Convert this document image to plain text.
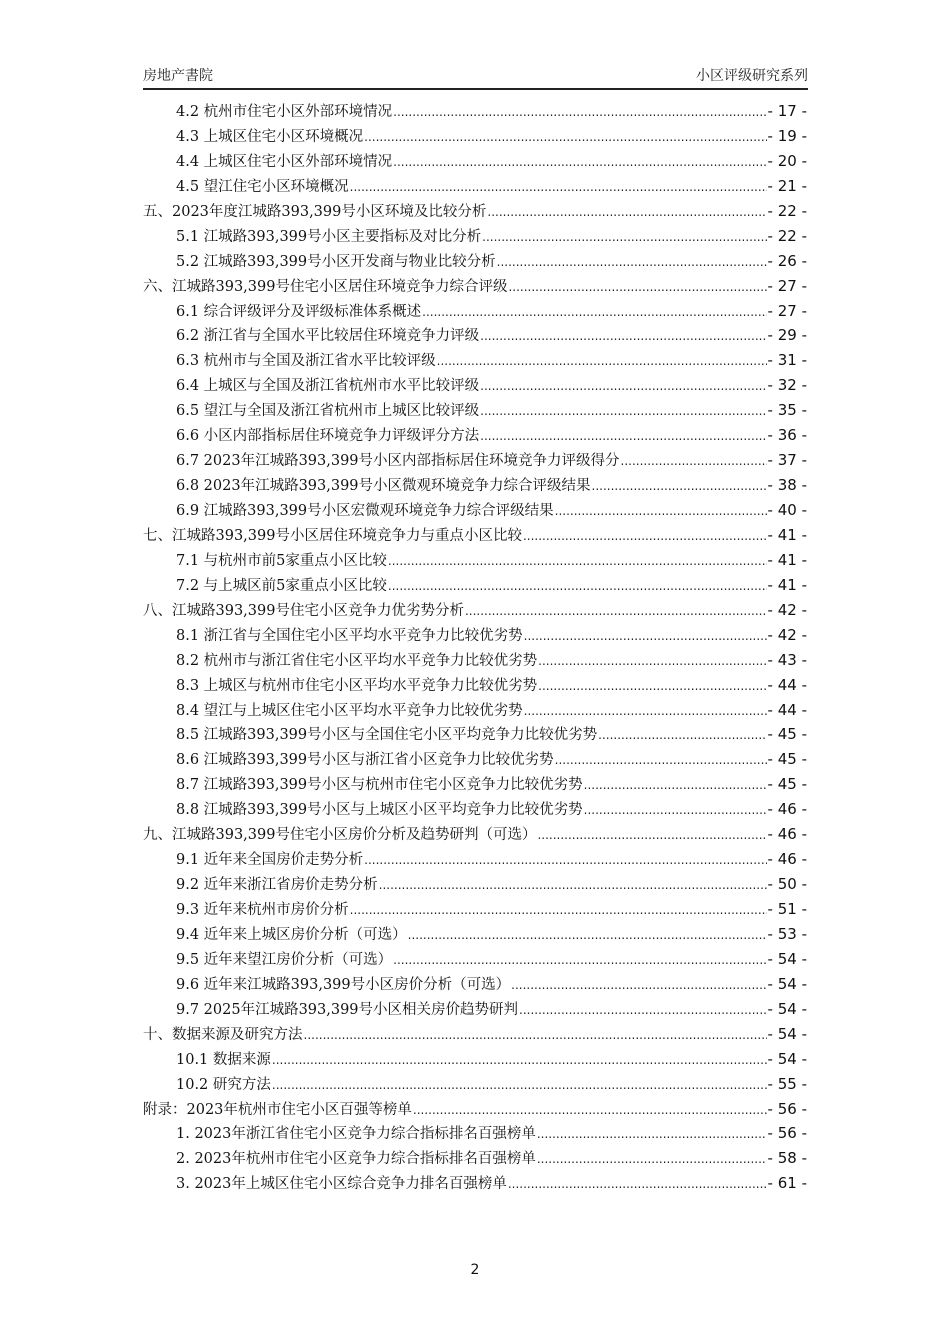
房地产書院	小区评级研究系列
4.2 杭州市住宅小区外部环境情况 .....	- 17 -
4.3 上城区住宅小区环境概况 .....	- 19 -
4.4 上城区住宅小区外部环境情况 .....	- 20 -
4.5 望江住宅小区环境概况 .....	- 21 -
五、2023年度江城路393,399号小区环境及比较分析 .....	- 22 -
5.1 江城路393,399号小区主要指标及对比分析 .....	- 22 -
5.2 江城路393,399号小区开发商与物业比较分析 .....	- 26 -
六、江城路393,399号住宅小区居住环境竞争力综合评级 .....	- 27 -
6.1 综合评级评分及评级标准体系概述 .....	- 27 -
6.2 浙江省与全国水平比较居住环境竞争力评级 .....	- 29 -
6.3 杭州市与全国及浙江省水平比较评级 .....	- 31 -
6.4 上城区与全国及浙江省杭州市水平比较评级 .....	- 32 -
6.5 望江与全国及浙江省杭州市上城区比较评级 .....	- 35 -
6.6 小区内部指标居住环境竞争力评级评分方法 .....	- 36 -
6.7 2023年江城路393,399号小区内部指标居住环境竞争力评级得分 .....	- 37 -
6.8 2023年江城路393,399号小区微观环境竞争力综合评级结果 .....	- 38 -
6.9 江城路393,399号小区宏微观环境竞争力综合评级结果 .....	- 40 -
七、江城路393,399号小区居住环境竞争力与重点小区比较 .....	- 41 -
7.1 与杭州市前5家重点小区比较 .....	- 41 -
7.2 与上城区前5家重点小区比较 .....	- 41 -
八、江城路393,399号住宅小区竞争力优劣势分析 .....	- 42 -
8.1 浙江省与全国住宅小区平均水平竞争力比较优劣势 .....	- 42 -
8.2 杭州市与浙江省住宅小区平均水平竞争力比较优劣势 .....	- 43 -
8.3 上城区与杭州市住宅小区平均水平竞争力比较优劣势 .....	- 44 -
8.4 望江与上城区住宅小区平均水平竞争力比较优劣势 .....	- 44 -
8.5 江城路393,399号小区与全国住宅小区平均竞争力比较优劣势 .....	- 45 -
8.6 江城路393,399号小区与浙江省小区竞争力比较优劣势 .....	- 45 -
8.7 江城路393,399号小区与杭州市住宅小区竞争力比较优劣势 .....	- 45 -
8.8 江城路393,399号小区与上城区小区平均竞争力比较优劣势 .....	- 46 -
九、江城路393,399号住宅小区房价分析及趋势研判（可选） .....	- 46 -
9.1 近年来全国房价走势分析 .....	- 46 -
9.2 近年来浙江省房价走势分析 .....	- 50 -
9.3 近年来杭州市房价分析 .....	- 51 -
9.4 近年来上城区房价分析（可选） .....	- 53 -
9.5 近年来望江房价分析（可选） .....	- 54 -
9.6 近年来江城路393,399号小区房价分析（可选） .....	- 54 -
9.7 2025年江城路393,399号小区相关房价趋势研判 .....	- 54 -
十、数据来源及研究方法 .....	- 54 -
10.1 数据来源 .....	- 54 -
10.2 研究方法 .....	- 55 -
附录：2023年杭州市住宅小区百强等榜单 .....	- 56 -
1. 2023年浙江省住宅小区竞争力综合指标排名百强榜单 .....	- 56 -
2. 2023年杭州市住宅小区竞争力综合指标排名百强榜单 .....	- 58 -
3. 2023年上城区住宅小区综合竞争力排名百强榜单 .....	- 61 -
2
